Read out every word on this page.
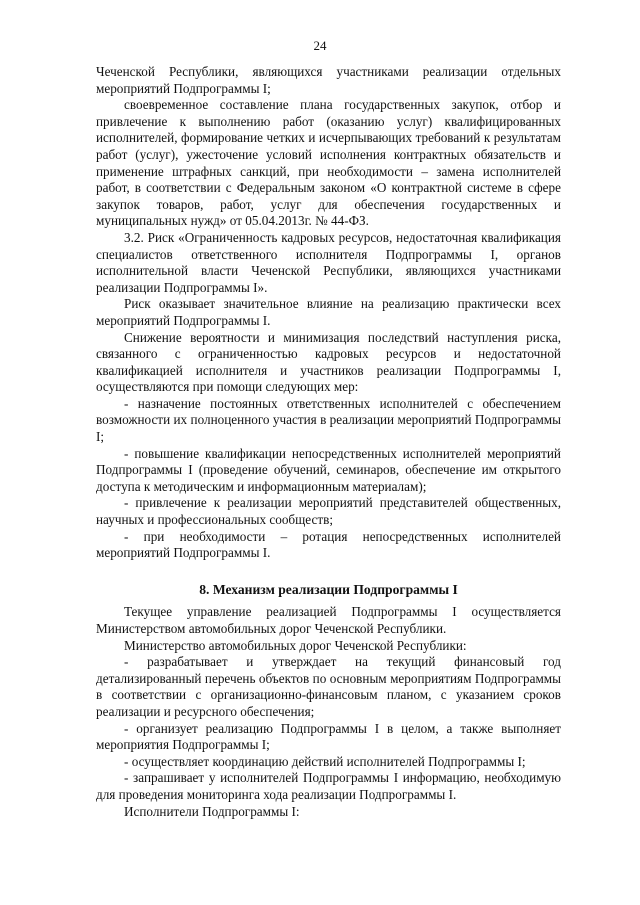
24

Чеченской Республики, являющихся участниками реализации отдельных мероприятий Подпрограммы I;

своевременное составление плана государственных закупок, отбор и привлечение к выполнению работ (оказанию услуг) квалифицированных исполнителей, формирование четких и исчерпывающих требований к результатам работ (услуг), ужесточение условий исполнения контрактных обязательств и применение штрафных санкций, при необходимости – замена исполнителей работ, в соответствии с Федеральным законом «О контрактной системе в сфере закупок товаров, работ, услуг для обеспечения государственных и муниципальных нужд» от 05.04.2013г. № 44-ФЗ.

3.2. Риск «Ограниченность кадровых ресурсов, недостаточная квалификация специалистов ответственного исполнителя Подпрограммы I, органов исполнительной власти Чеченской Республики, являющихся участниками реализации Подпрограммы I».

Риск оказывает значительное влияние на реализацию практически всех мероприятий Подпрограммы I.

Снижение вероятности и минимизация последствий наступления риска, связанного с ограниченностью кадровых ресурсов и недостаточной квалификацией исполнителя и участников реализации Подпрограммы I, осуществляются при помощи следующих мер:

- назначение постоянных ответственных исполнителей с обеспечением возможности их полноценного участия в реализации мероприятий Подпрограммы I;

- повышение квалификации непосредственных исполнителей мероприятий Подпрограммы I (проведение обучений, семинаров, обеспечение им открытого доступа к методическим и информационным материалам);

- привлечение к реализации мероприятий представителей общественных, научных и профессиональных сообществ;

- при необходимости – ротация непосредственных исполнителей мероприятий Подпрограммы I.

8. Механизм реализации Подпрограммы I

Текущее управление реализацией Подпрограммы I осуществляется Министерством автомобильных дорог Чеченской Республики.

Министерство автомобильных дорог Чеченской Республики:

- разрабатывает и утверждает на текущий финансовый год детализированный перечень объектов по основным мероприятиям Подпрограммы в соответствии с организационно-финансовым планом, с указанием сроков реализации и ресурсного обеспечения;

- организует реализацию Подпрограммы I в целом, а также выполняет мероприятия Подпрограммы I;

- осуществляет координацию действий исполнителей Подпрограммы I;

- запрашивает у исполнителей Подпрограммы I информацию, необходимую для проведения мониторинга хода реализации Подпрограммы I.

Исполнители Подпрограммы I:
